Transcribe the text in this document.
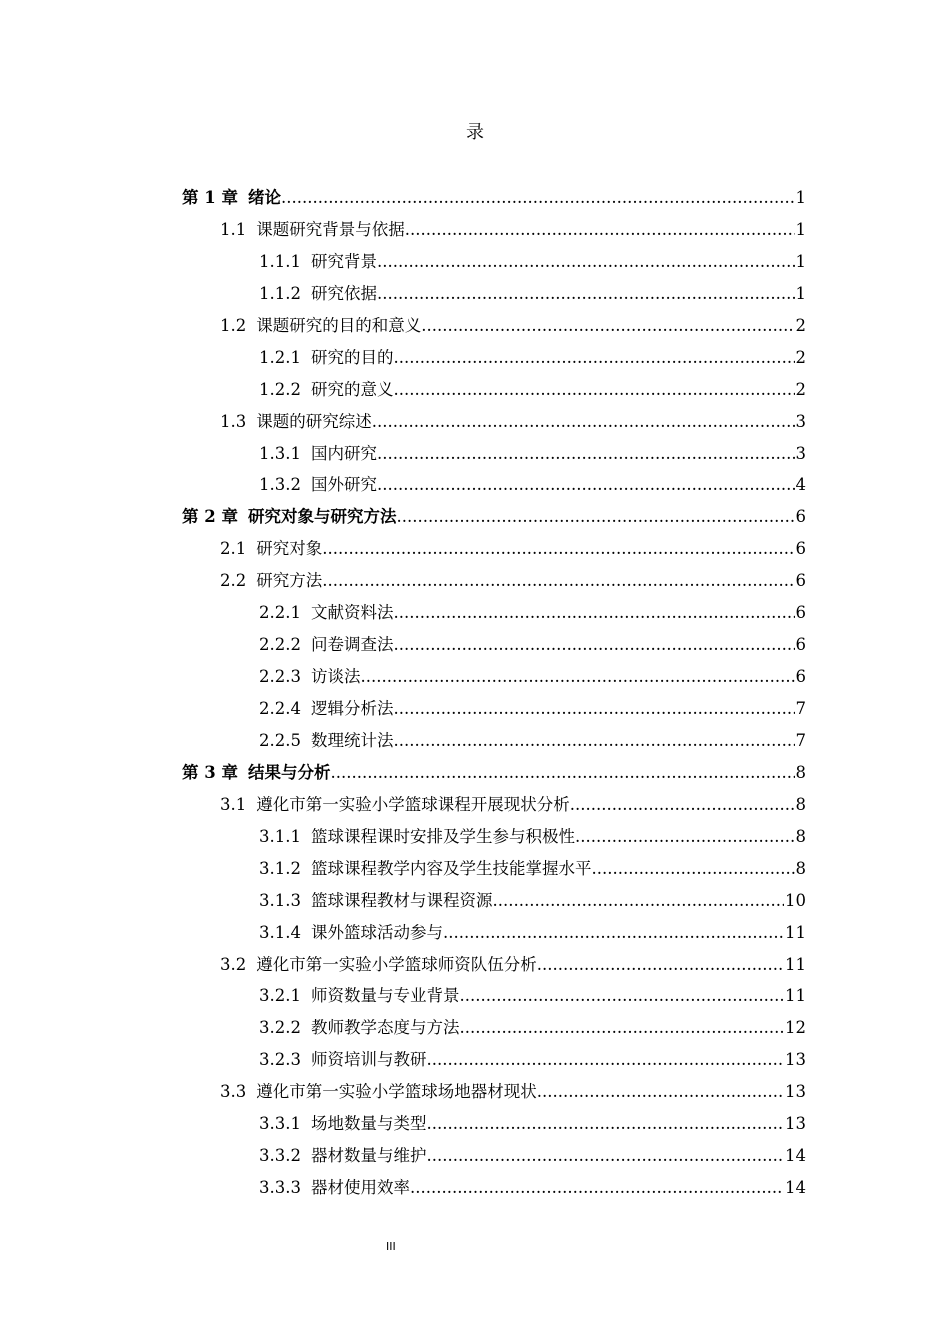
录
第 1 章 绪论 .....	1
1.1 课题研究背景与依据 .....	1
1.1.1 研究背景 .....	1
1.1.2 研究依据 .....	1
1.2 课题研究的目的和意义 .....	2
1.2.1 研究的目的 .....	2
1.2.2 研究的意义 .....	2
1.3 课题的研究综述 .....	3
1.3.1 国内研究 .....	3
1.3.2 国外研究 .....	4
第 2 章 研究对象与研究方法 .....	6
2.1 研究对象 .....	6
2.2 研究方法 .....	6
2.2.1 文献资料法 .....	6
2.2.2 问卷调查法 .....	6
2.2.3 访谈法 .....	6
2.2.4 逻辑分析法 .....	7
2.2.5 数理统计法 .....	7
第 3 章 结果与分析 .....	8
3.1 遵化市第一实验小学篮球课程开展现状分析 .....	8
3.1.1 篮球课程课时安排及学生参与积极性 .....	8
3.1.2 篮球课程教学内容及学生技能掌握水平 .....	8
3.1.3 篮球课程教材与课程资源 .....	10
3.1.4 课外篮球活动参与 .....	11
3.2 遵化市第一实验小学篮球师资队伍分析 .....	11
3.2.1 师资数量与专业背景 .....	11
3.2.2 教师教学态度与方法 .....	12
3.2.3 师资培训与教研 .....	13
3.3 遵化市第一实验小学篮球场地器材现状 .....	13
3.3.1 场地数量与类型 .....	13
3.3.2 器材数量与维护 .....	14
3.3.3 器材使用效率 .....	14
III
